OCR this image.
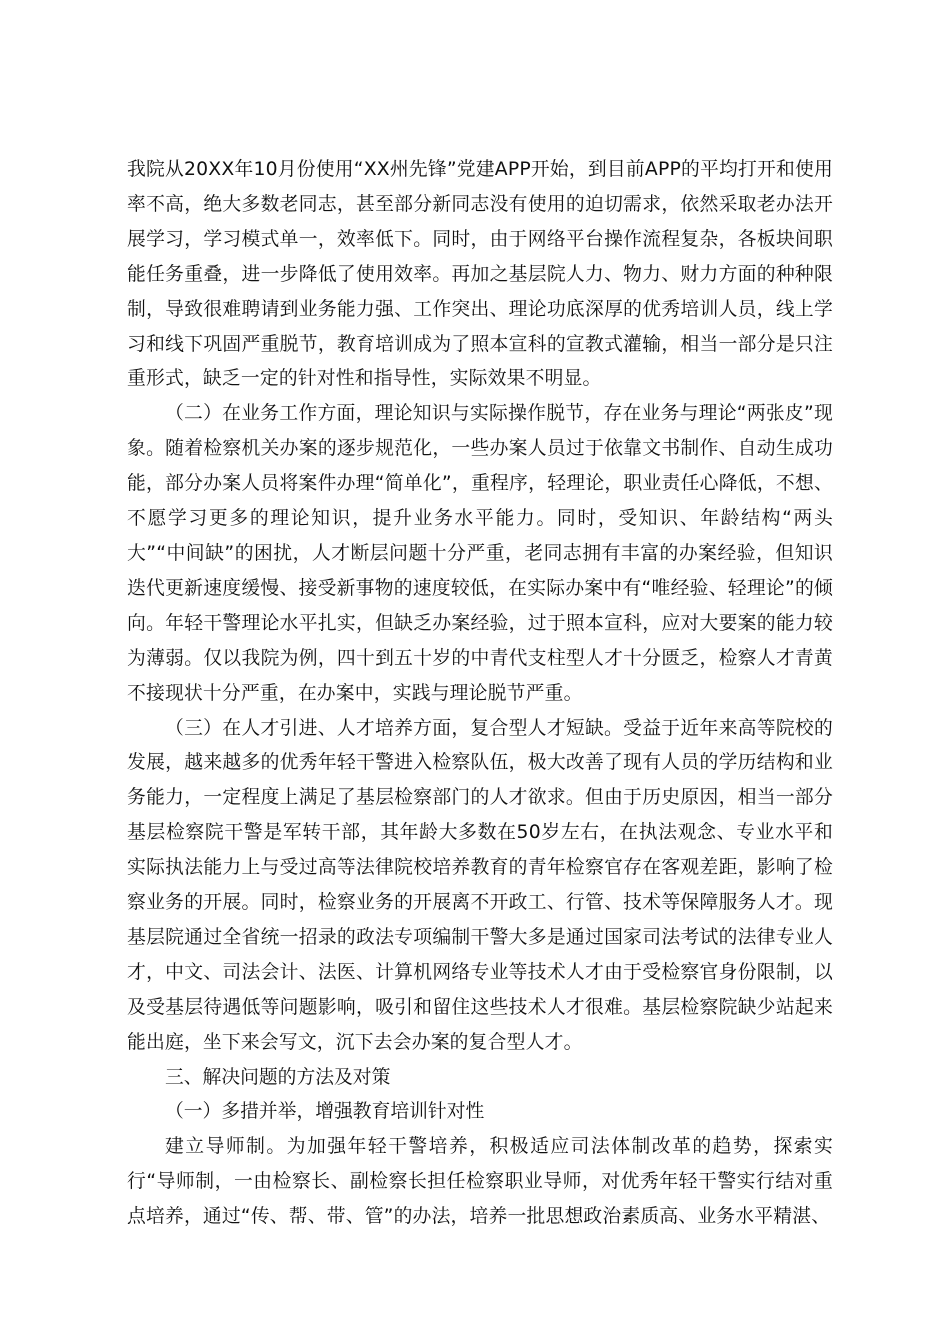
我院从20XX年10月份使用“XX州先锋”党建APP开始，到目前APP的平均打开和使用率不高，绝大多数老同志，甚至部分新同志没有使用的迫切需求，依然采取老办法开展学习，学习模式单一，效率低下。同时，由于网络平台操作流程复杂，各板块间职能任务重叠，进一步降低了使用效率。再加之基层院人力、物力、财力方面的种种限制，导致很难聘请到业务能力强、工作突出、理论功底深厚的优秀培训人员，线上学习和线下巩固严重脱节，教育培训成为了照本宣科的宣教式灌输，相当一部分是只注重形式，缺乏一定的针对性和指导性，实际效果不明显。

（二）在业务工作方面，理论知识与实际操作脱节，存在业务与理论“两张皮”现象。随着检察机关办案的逐步规范化，一些办案人员过于依靠文书制作、自动生成功能，部分办案人员将案件办理“简单化”，重程序，轻理论，职业责任心降低，不想、不愿学习更多的理论知识，提升业务水平能力。同时，受知识、年龄结构“两头大”“中间缺”的困扰，人才断层问题十分严重，老同志拥有丰富的办案经验，但知识迭代更新速度缓慢、接受新事物的速度较低，在实际办案中有“唯经验、轻理论”的倾向。年轻干警理论水平扎实，但缺乏办案经验，过于照本宣科，应对大要案的能力较为薄弱。仅以我院为例，四十到五十岁的中青代支柱型人才十分匮乏，检察人才青黄不接现状十分严重，在办案中，实践与理论脱节严重。

（三）在人才引进、人才培养方面，复合型人才短缺。受益于近年来高等院校的发展，越来越多的优秀年轻干警进入检察队伍，极大改善了现有人员的学历结构和业务能力，一定程度上满足了基层检察部门的人才欲求。但由于历史原因，相当一部分基层检察院干警是军转干部，其年龄大多数在50岁左右，在执法观念、专业水平和实际执法能力上与受过高等法律院校培养教育的青年检察官存在客观差距，影响了检察业务的开展。同时，检察业务的开展离不开政工、行管、技术等保障服务人才。现基层院通过全省统一招录的政法专项编制干警大多是通过国家司法考试的法律专业人才，中文、司法会计、法医、计算机网络专业等技术人才由于受检察官身份限制，以及受基层待遇低等问题影响，吸引和留住这些技术人才很难。基层检察院缺少站起来能出庭，坐下来会写文，沉下去会办案的复合型人才。

三、解决问题的方法及对策

（一）多措并举，增强教育培训针对性

建立导师制。为加强年轻干警培养，积极适应司法体制改革的趋势，探索实行“导师制，一由检察长、副检察长担任检察职业导师，对优秀年轻干警实行结对重点培养，通过“传、帮、带、管”的办法，培养一批思想政治素质高、业务水平精湛、
